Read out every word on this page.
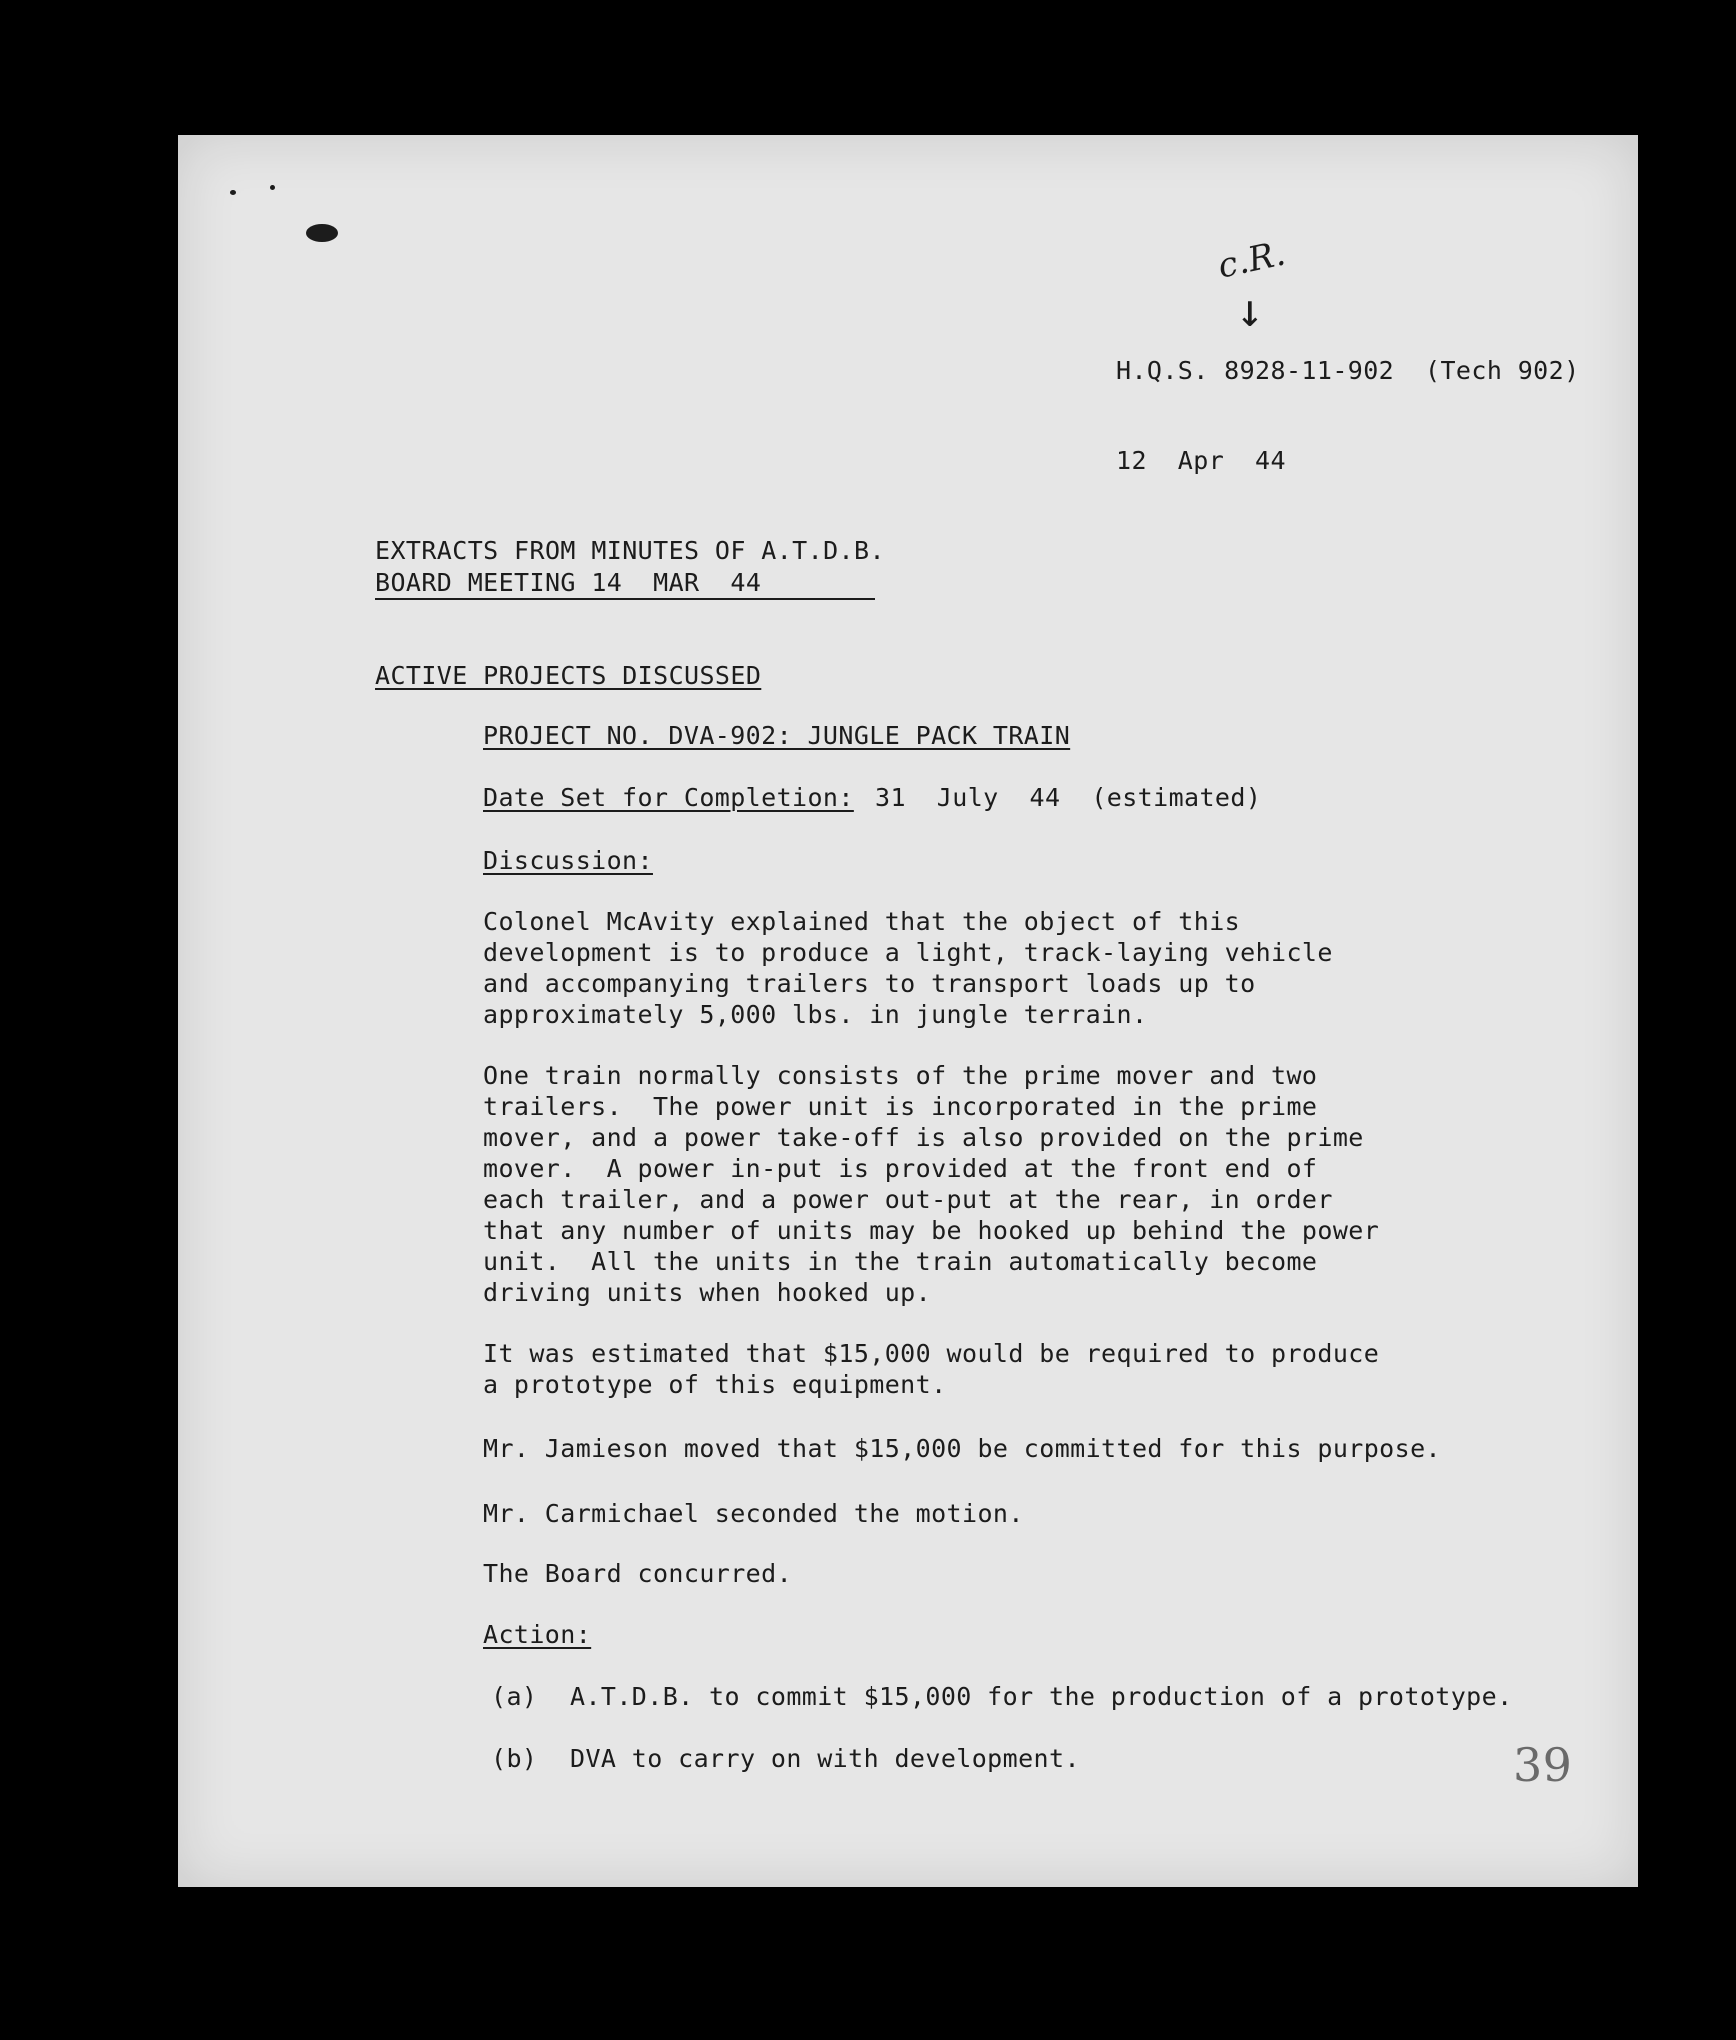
c.R.
↓
H.Q.S. 8928-11-902  (Tech 902)
12  Apr  44
EXTRACTS FROM MINUTES OF A.T.D.B.
BOARD MEETING 14  MAR  44
ACTIVE PROJECTS DISCUSSED
PROJECT NO. DVA-902: JUNGLE PACK TRAIN
Date Set for Completion: 31  July  44  (estimated)
Discussion:
Colonel McAvity explained that the object of this
development is to produce a light, track-laying vehicle
and accompanying trailers to transport loads up to
approximately 5,000 lbs. in jungle terrain.
One train normally consists of the prime mover and two
trailers.  The power unit is incorporated in the prime
mover, and a power take-off is also provided on the prime
mover.  A power in-put is provided at the front end of
each trailer, and a power out-put at the rear, in order
that any number of units may be hooked up behind the power
unit.  All the units in the train automatically become
driving units when hooked up.
It was estimated that $15,000 would be required to produce
a prototype of this equipment.
Mr. Jamieson moved that $15,000 be committed for this purpose.
Mr. Carmichael seconded the motion.
The Board concurred.
Action:
(a) A.T.D.B. to commit $15,000 for the production of a prototype.
(b) DVA to carry on with development.	39
